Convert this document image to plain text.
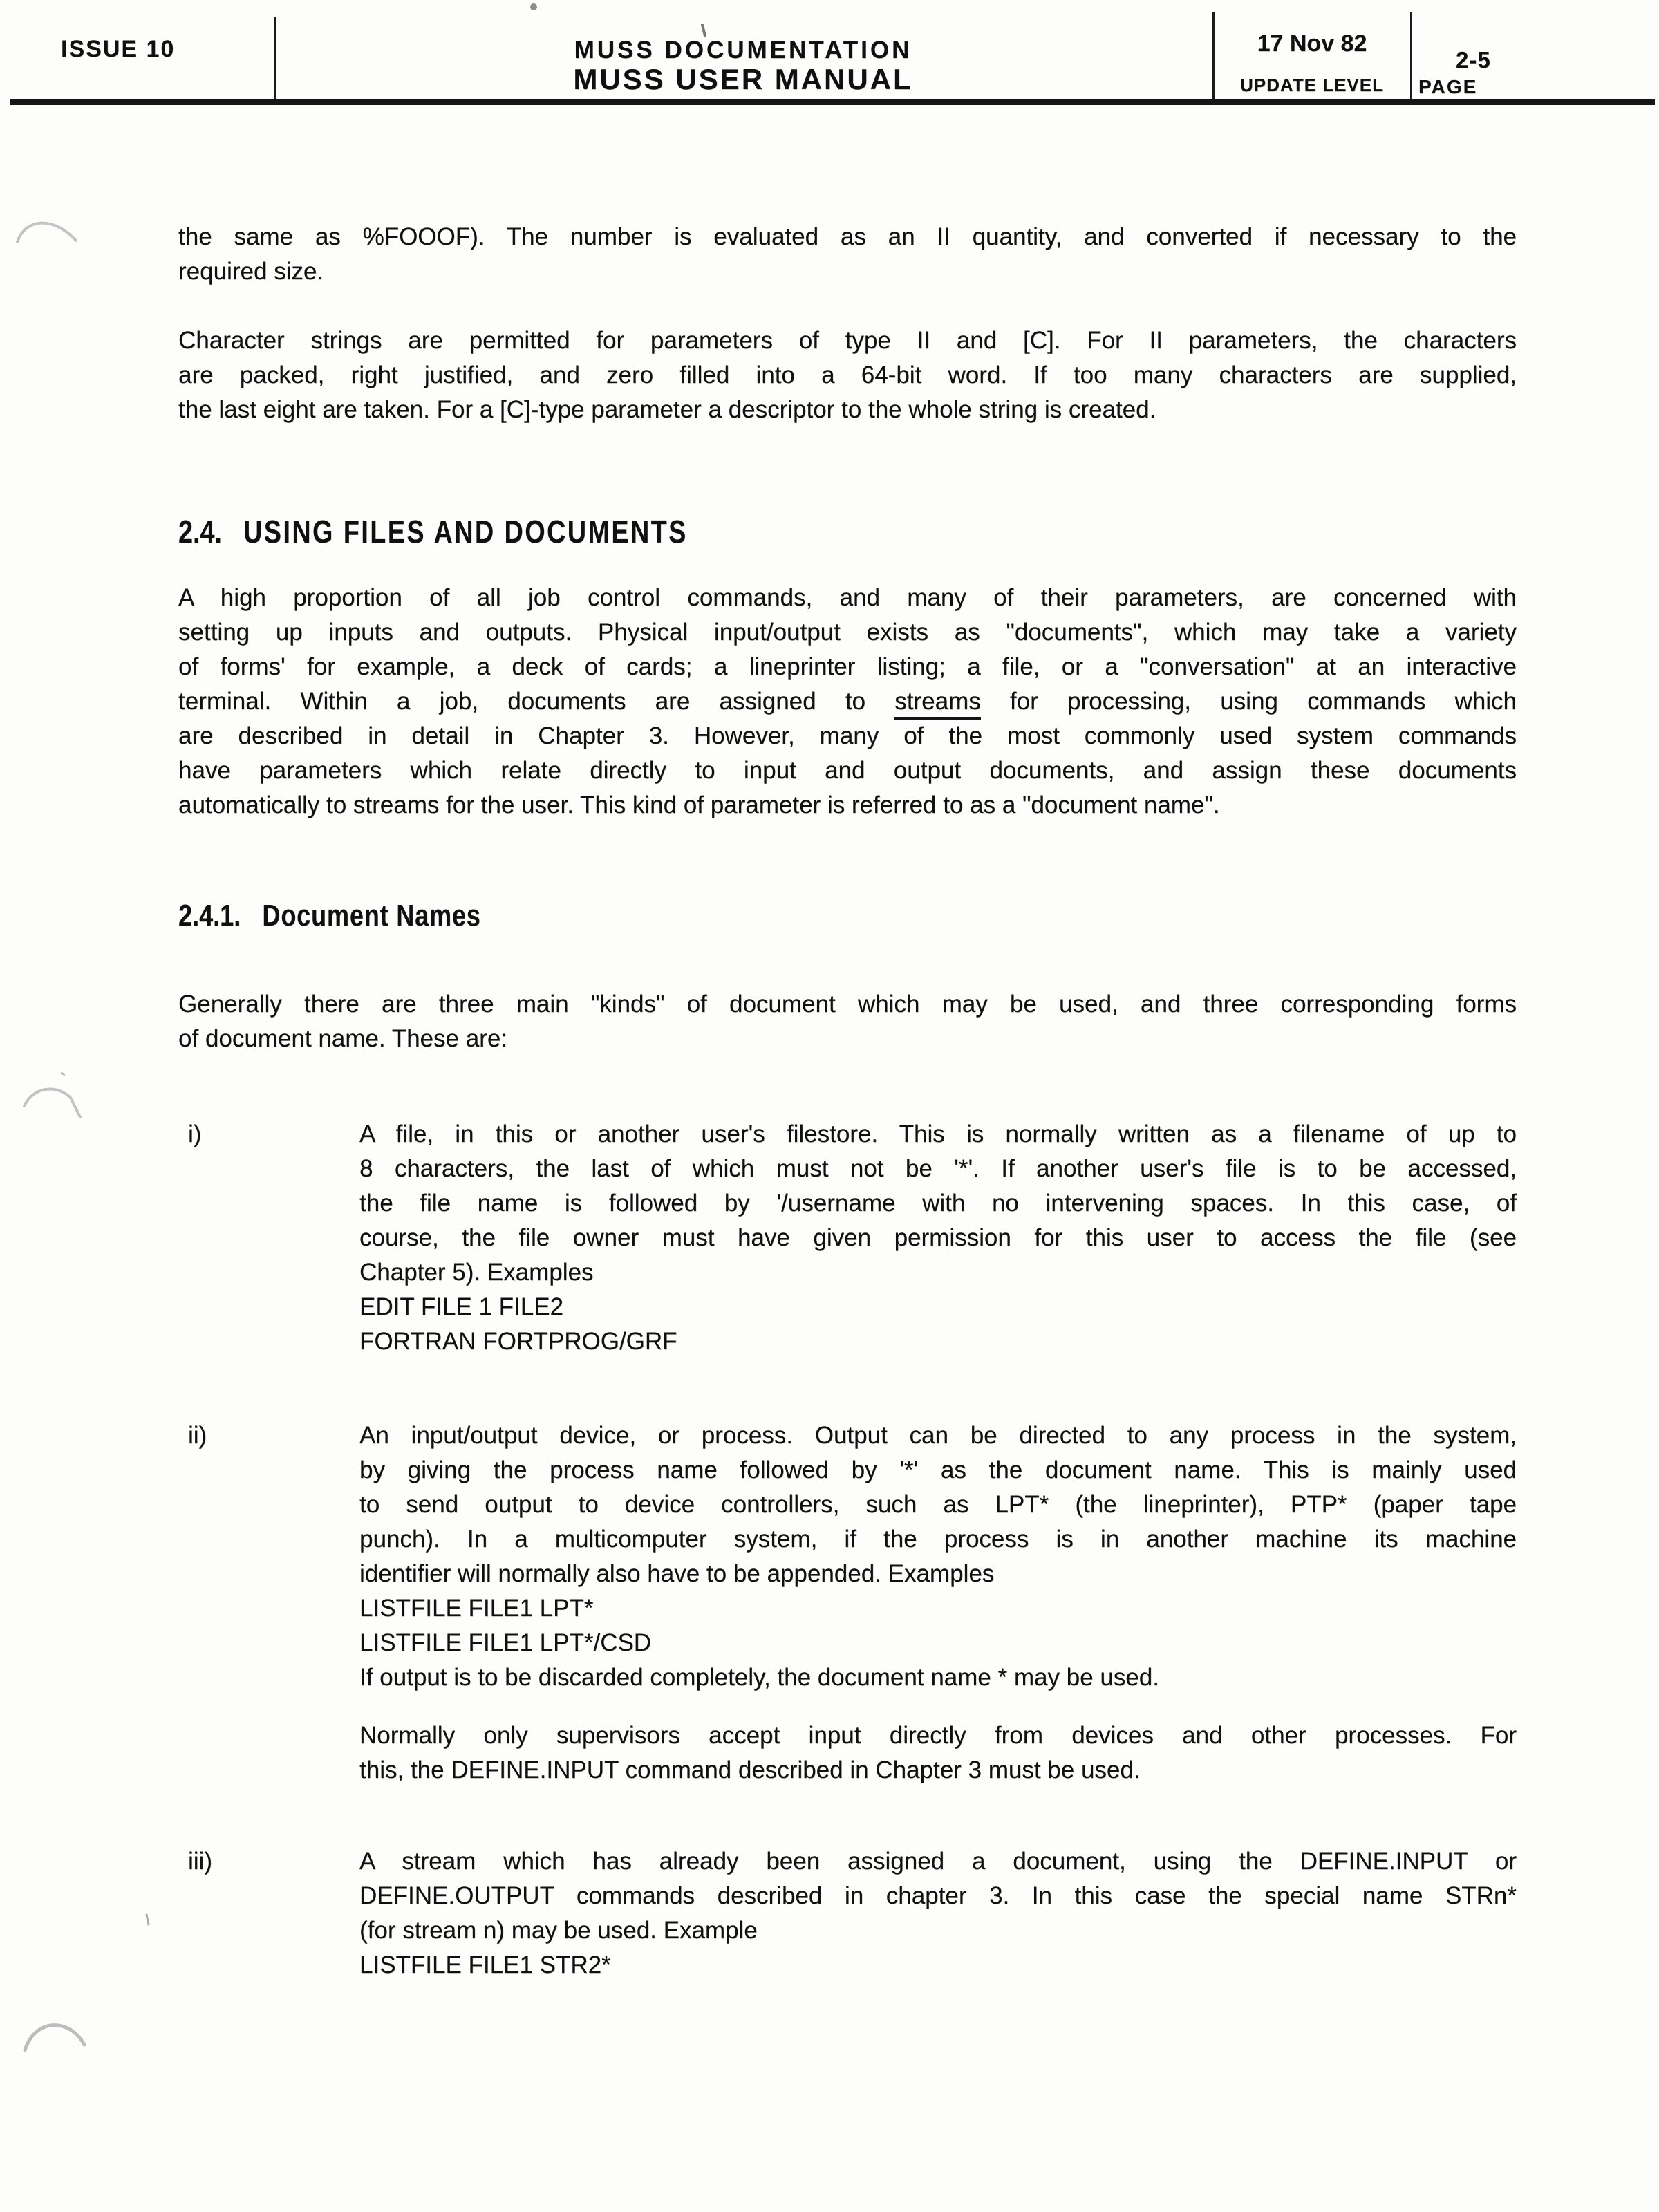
ISSUE 10	MUSS DOCUMENTATION
MUSS USER MANUAL
17 Nov 82
UPDATE LEVEL
2-5
PAGE
the same as %FOOOF). The number is evaluated as an II quantity, and converted if necessary to the
required size.
Character strings are permitted for parameters of type II and [C]. For II parameters, the characters
are packed, right justified, and zero filled into a 64-bit word. If too many characters are supplied,
the last eight are taken. For a [C]-type parameter a descriptor to the whole string is created.
2.4. USING FILES AND DOCUMENTS
A high proportion of all job control commands, and many of their parameters, are concerned with
setting up inputs and outputs. Physical input/output exists as "documents", which may take a variety
of forms' for example, a deck of cards; a lineprinter listing; a file, or a "conversation" at an interactive
terminal. Within a job, documents are assigned to streams for processing, using commands which
are described in detail in Chapter 3. However, many of the most commonly used system commands
have parameters which relate directly to input and output documents, and assign these documents
automatically to streams for the user. This kind of parameter is referred to as a "document name".
2.4.1. Document Names
Generally there are three main "kinds" of document which may be used, and three corresponding forms
of document name. These are:
i)	A file, in this or another user's filestore. This is normally written as a filename of up to
8 characters, the last of which must not be '*'. If another user's file is to be accessed,
the file name is followed by '/username with no intervening spaces. In this case, of
course, the file owner must have given permission for this user to access the file (see
Chapter 5). Examples
EDIT FILE 1 FILE2
FORTRAN FORTPROG/GRF
ii)	An input/output device, or process. Output can be directed to any process in the system,
by giving the process name followed by '*' as the document name. This is mainly used
to send output to device controllers, such as LPT* (the lineprinter), PTP* (paper tape
punch). In a multicomputer system, if the process is in another machine its machine
identifier will normally also have to be appended. Examples
LISTFILE FILE1 LPT*
LISTFILE FILE1 LPT*/CSD
If output is to be discarded completely, the document name * may be used.
Normally only supervisors accept input directly from devices and other processes. For
this, the DEFINE.INPUT command described in Chapter 3 must be used.
iii)	A stream which has already been assigned a document, using the DEFINE.INPUT or
DEFINE.OUTPUT commands described in chapter 3. In this case the special name STRn*
(for stream n) may be used. Example
LISTFILE FILE1 STR2*
